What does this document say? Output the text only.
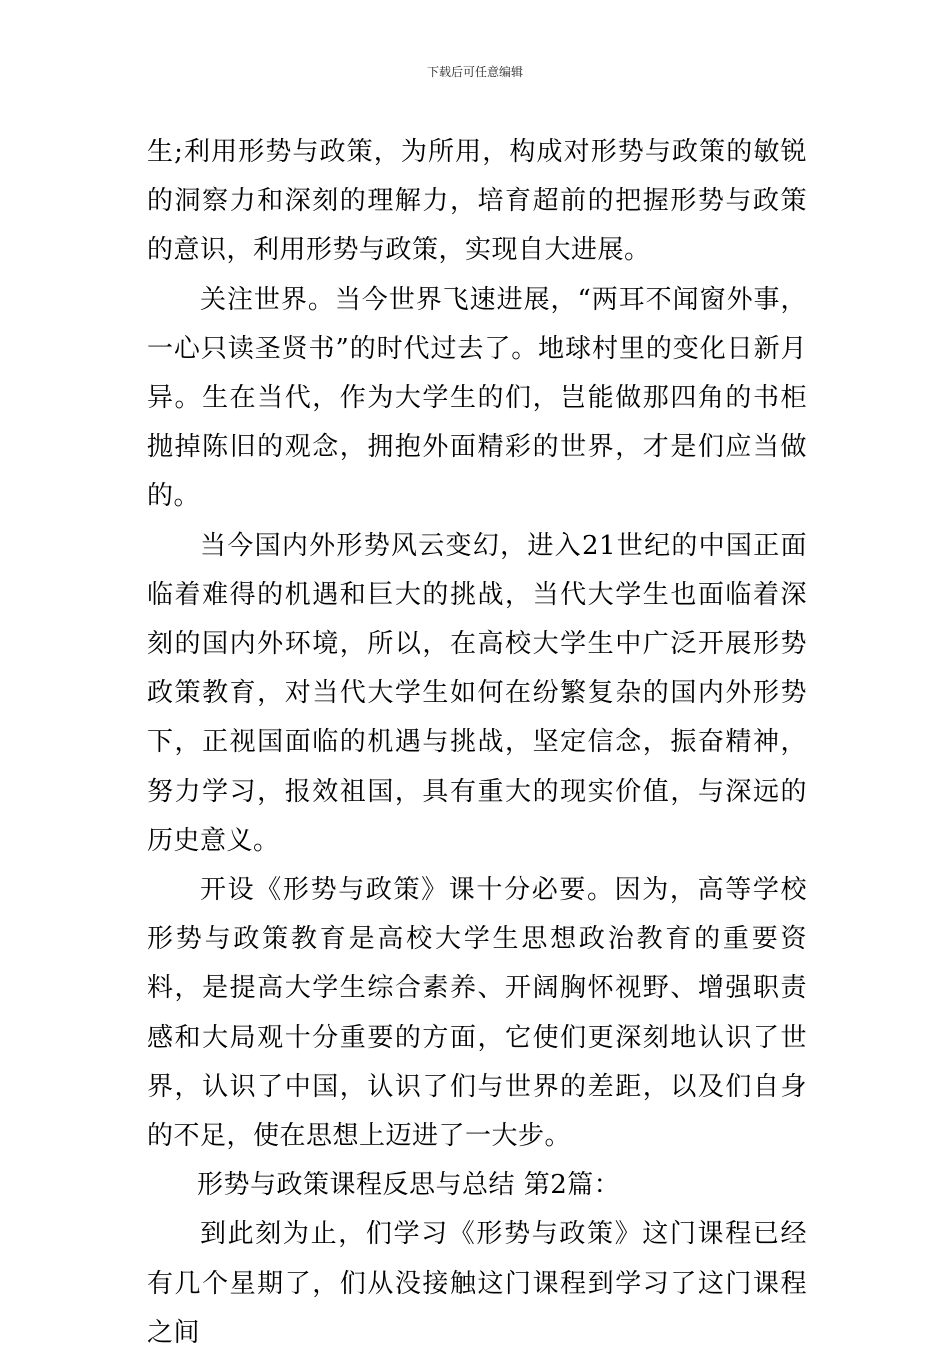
下载后可任意编辑

生;利用形势与政策，为所用，构成对形势与政策的敏锐的洞察力和深刻的理解力，培育超前的把握形势与政策的意识，利用形势与政策，实现自大进展。

关注世界。当今世界飞速进展，“两耳不闻窗外事，一心只读圣贤书”的时代过去了。地球村里的变化日新月异。生在当代，作为大学生的们，岂能做那四角的书柜抛掉陈旧的观念，拥抱外面精彩的世界，才是们应当做的。

当今国内外形势风云变幻，进入21世纪的中国正面临着难得的机遇和巨大的挑战，当代大学生也面临着深刻的国内外环境，所以，在高校大学生中广泛开展形势政策教育，对当代大学生如何在纷繁复杂的国内外形势下，正视国面临的机遇与挑战，坚定信念，振奋精神，努力学习，报效祖国，具有重大的现实价值，与深远的历史意义。

开设《形势与政策》课十分必要。因为，高等学校形势与政策教育是高校大学生思想政治教育的重要资料，是提高大学生综合素养、开阔胸怀视野、增强职责感和大局观十分重要的方面，它使们更深刻地认识了世界，认识了中国，认识了们与世界的差距，以及们自身的不足，使在思想上迈进了一大步。

形势与政策课程反思与总结 第2篇：

到此刻为止，们学习《形势与政策》这门课程已经有几个星期了，们从没接触这门课程到学习了这门课程之间
